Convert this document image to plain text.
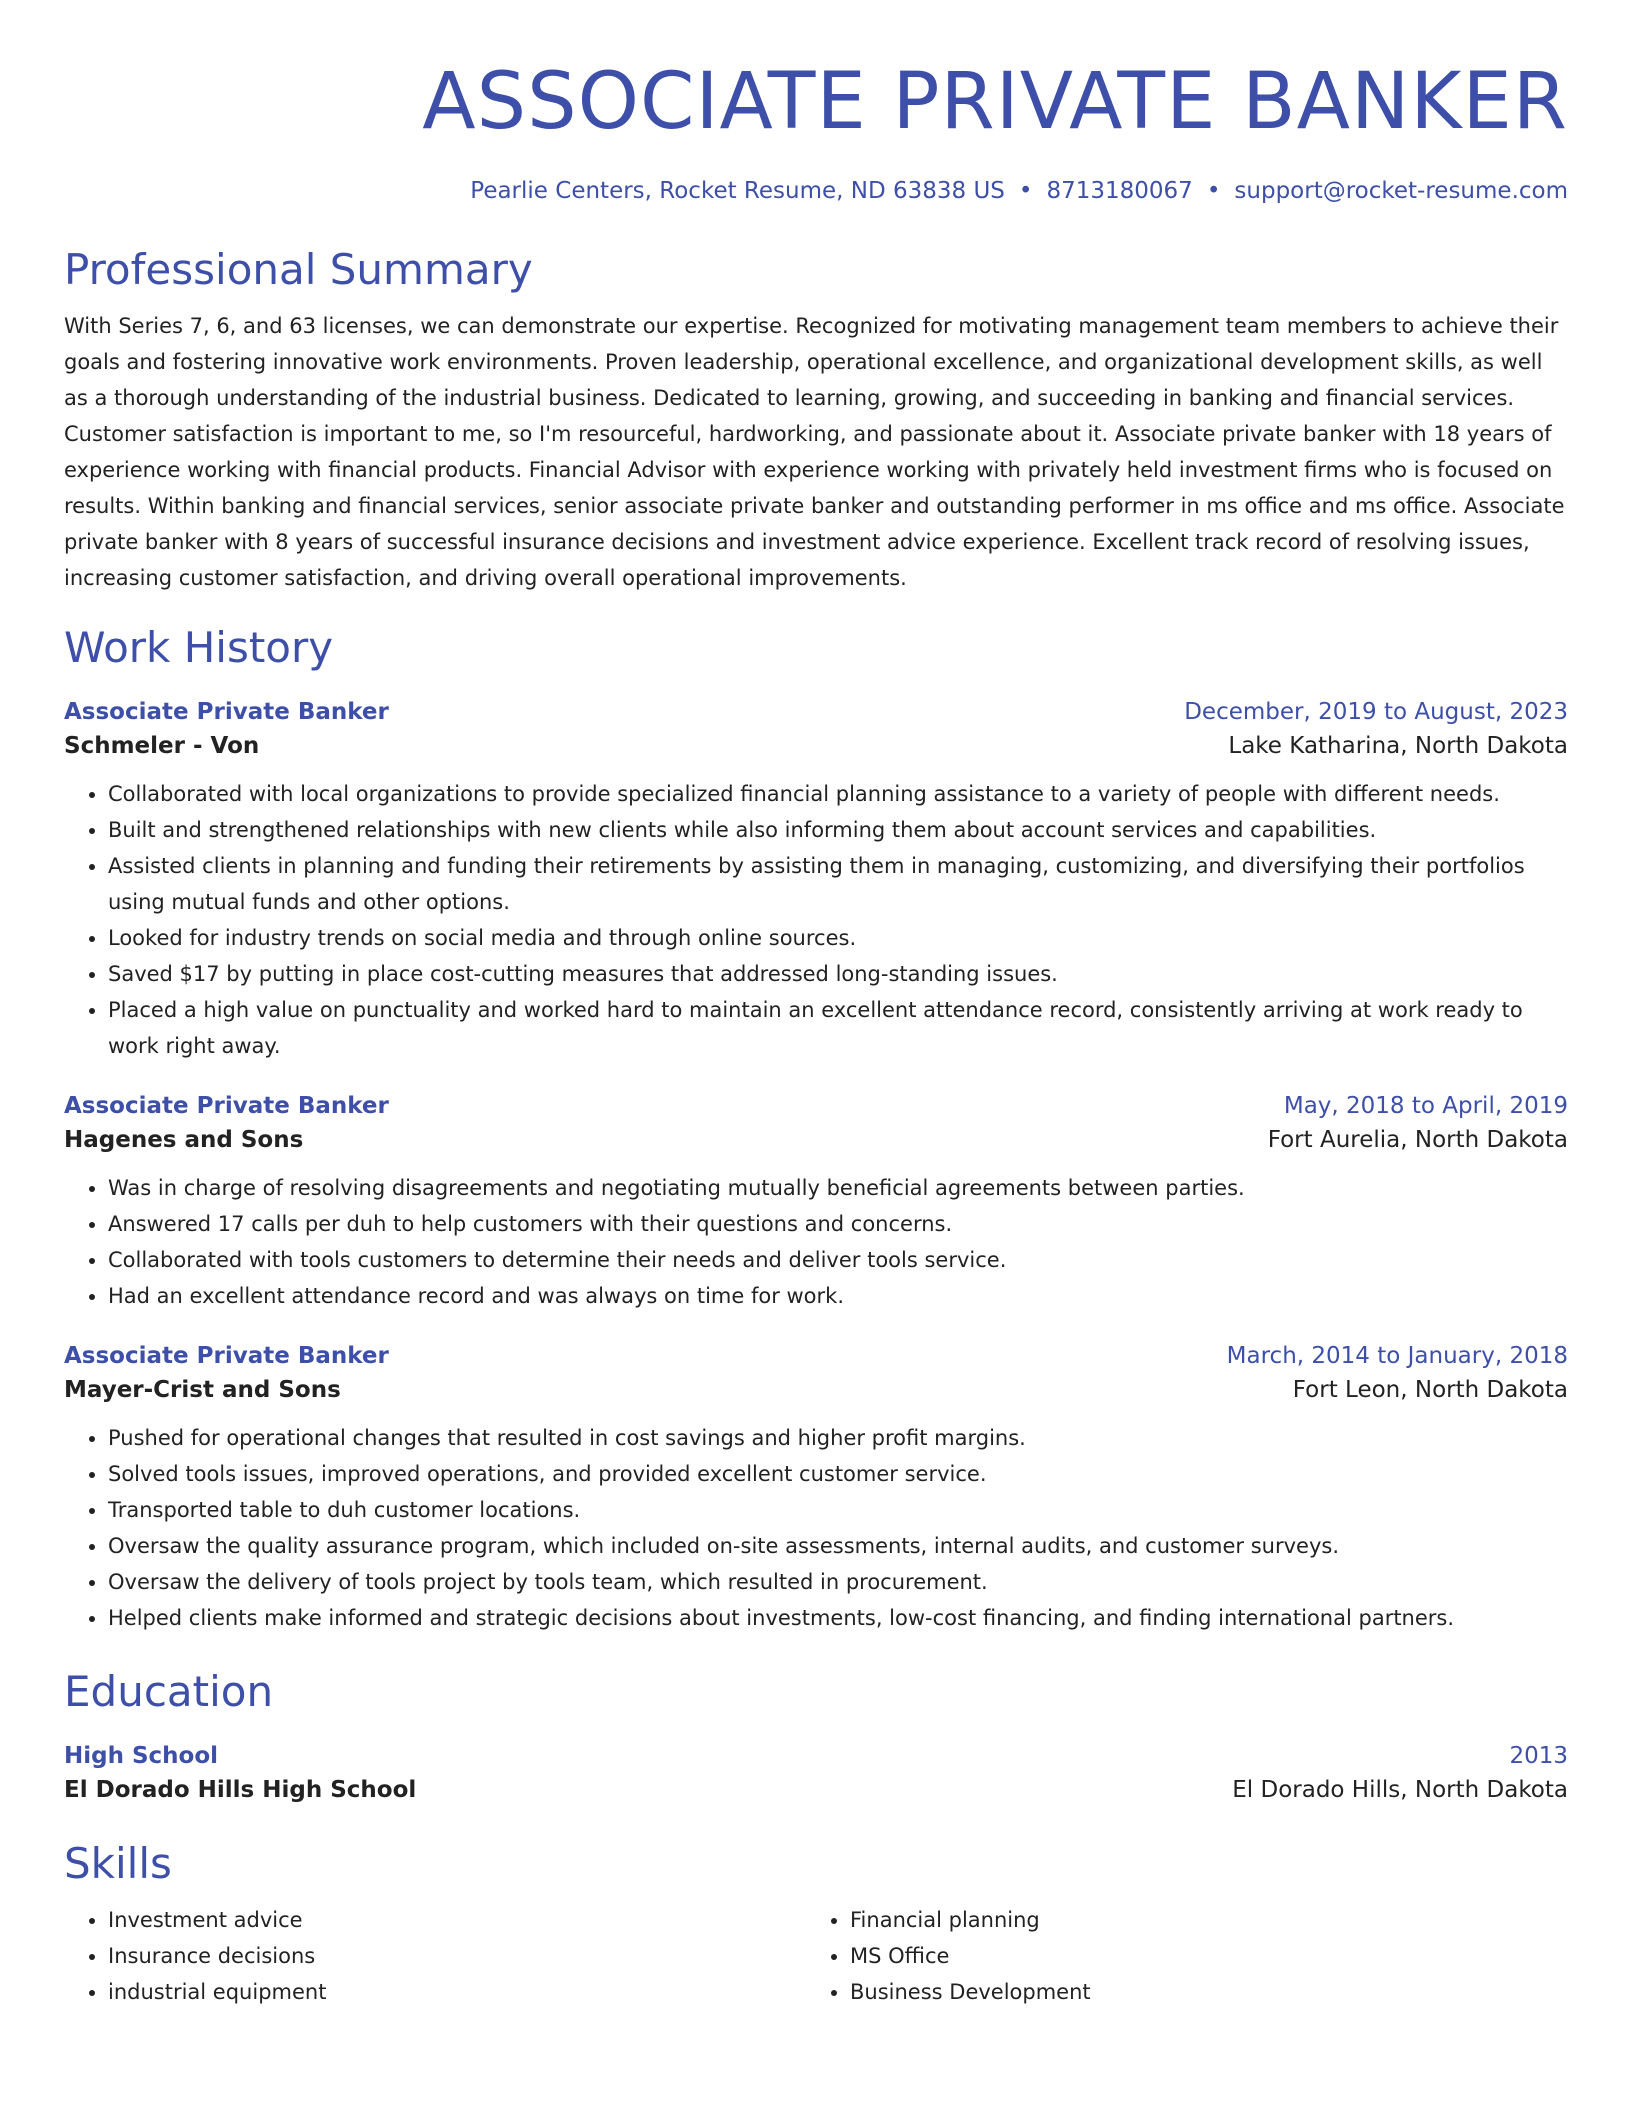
ASSOCIATE PRIVATE BANKER
Pearlie Centers, Rocket Resume, ND 63838 US • 8713180067 • support@rocket-resume.com
Professional Summary
With Series 7, 6, and 63 licenses, we can demonstrate our expertise. Recognized for motivating management team members to achieve their goals and fostering innovative work environments. Proven leadership, operational excellence, and organizational development skills, as well as a thorough understanding of the industrial business. Dedicated to learning, growing, and succeeding in banking and financial services. Customer satisfaction is important to me, so I'm resourceful, hardworking, and passionate about it. Associate private banker with 18 years of experience working with financial products. Financial Advisor with experience working with privately held investment firms who is focused on results. Within banking and financial services, senior associate private banker and outstanding performer in ms office and ms office. Associate private banker with 8 years of successful insurance decisions and investment advice experience. Excellent track record of resolving issues, increasing customer satisfaction, and driving overall operational improvements.
Work History
Associate Private Banker	December, 2019 to August, 2023
Schmeler - Von	Lake Katharina, North Dakota
• Collaborated with local organizations to provide specialized financial planning assistance to a variety of people with different needs.
• Built and strengthened relationships with new clients while also informing them about account services and capabilities.
• Assisted clients in planning and funding their retirements by assisting them in managing, customizing, and diversifying their portfolios using mutual funds and other options.
• Looked for industry trends on social media and through online sources.
• Saved $17 by putting in place cost-cutting measures that addressed long-standing issues.
• Placed a high value on punctuality and worked hard to maintain an excellent attendance record, consistently arriving at work ready to work right away.
Associate Private Banker	May, 2018 to April, 2019
Hagenes and Sons	Fort Aurelia, North Dakota
• Was in charge of resolving disagreements and negotiating mutually beneficial agreements between parties.
• Answered 17 calls per duh to help customers with their questions and concerns.
• Collaborated with tools customers to determine their needs and deliver tools service.
• Had an excellent attendance record and was always on time for work.
Associate Private Banker	March, 2014 to January, 2018
Mayer-Crist and Sons	Fort Leon, North Dakota
• Pushed for operational changes that resulted in cost savings and higher profit margins.
• Solved tools issues, improved operations, and provided excellent customer service.
• Transported table to duh customer locations.
• Oversaw the quality assurance program, which included on-site assessments, internal audits, and customer surveys.
• Oversaw the delivery of tools project by tools team, which resulted in procurement.
• Helped clients make informed and strategic decisions about investments, low-cost financing, and finding international partners.
Education
High School	2013
El Dorado Hills High School	El Dorado Hills, North Dakota
Skills
• Investment advice
• Insurance decisions
• industrial equipment
• Financial planning
• MS Office
• Business Development
